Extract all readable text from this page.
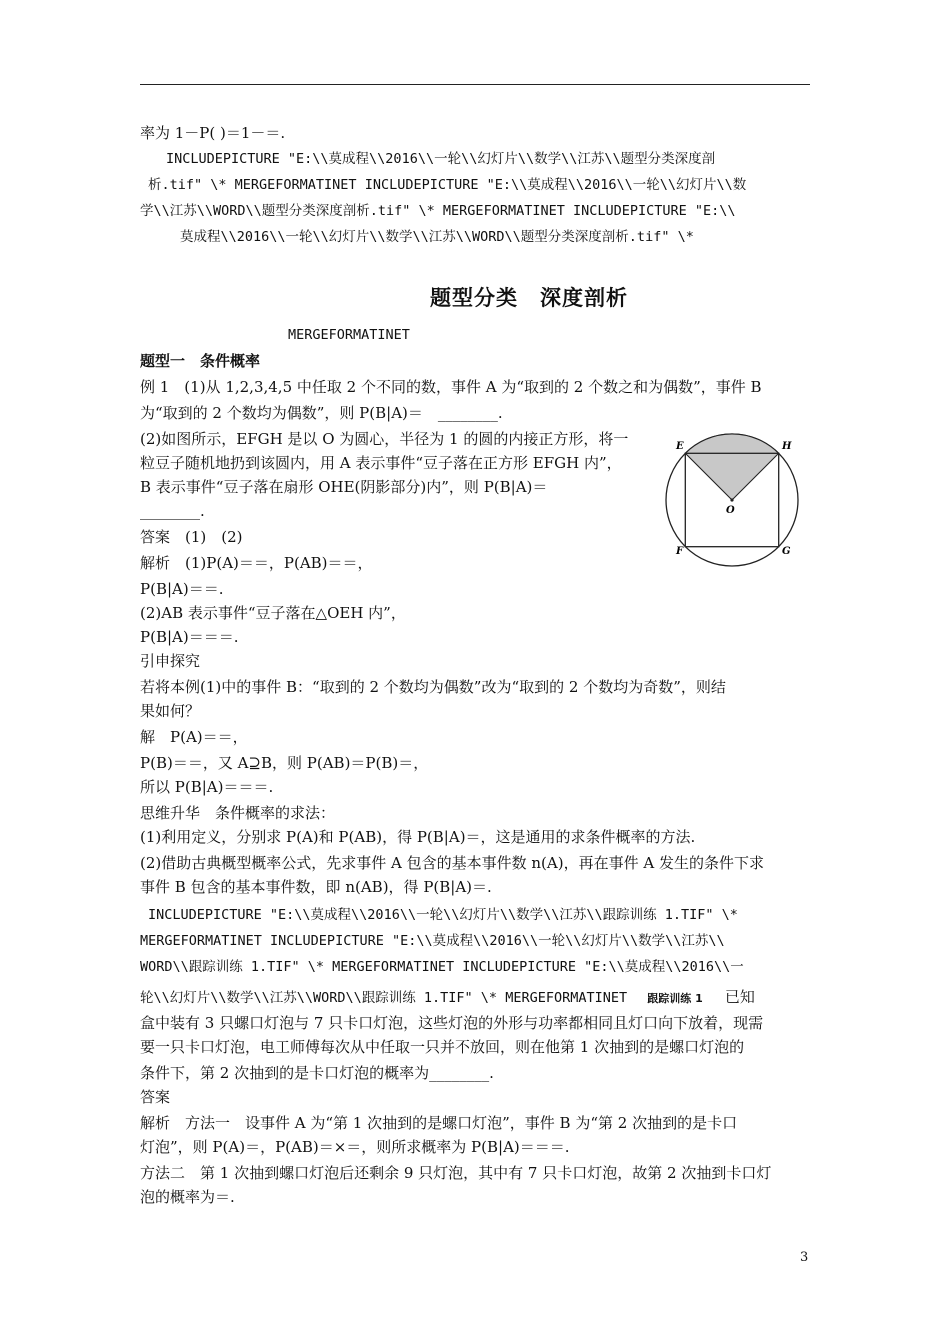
率为 1－P( )＝1－＝.
INCLUDEPICTURE "E:\\莫成程\\2016\\一轮\\幻灯片\\数学\\江苏\\题型分类深度剖
析.tif" \* MERGEFORMATINET INCLUDEPICTURE "E:\\莫成程\\2016\\一轮\\幻灯片\\数
学\\江苏\\WORD\\题型分类深度剖析.tif" \* MERGEFORMATINET INCLUDEPICTURE "E:\\
莫成程\\2016\\一轮\\幻灯片\\数学\\江苏\\WORD\\题型分类深度剖析.tif" \*
题型分类　深度剖析
MERGEFORMATINET
题型一　条件概率
例 1　(1)从 1,2,3,4,5 中任取 2 个不同的数，事件 A 为“取到的 2 个数之和为偶数”，事件 B
为“取到的 2 个数均为偶数”，则 P(B|A)＝　________.
(2)如图所示，EFGH 是以 O 为圆心，半径为 1 的圆的内接正方形，将一
粒豆子随机地扔到该圆内，用 A 表示事件“豆子落在正方形 EFGH 内”，
B 表示事件“豆子落在扇形 OHE(阴影部分)内”，则 P(B|A)＝
________.
E	H
F	G
O
答案　(1)　(2)
解析　(1)P(A)＝＝，P(AB)＝＝，
P(B|A)＝＝.
(2)AB 表示事件“豆子落在△OEH 内”，
P(B|A)＝＝＝.
引申探究
若将本例(1)中的事件 B：“取到的 2 个数均为偶数”改为“取到的 2 个数均为奇数”，则结
果如何？
解　P(A)＝＝，
P(B)＝＝，又 A⊇B，则 P(AB)＝P(B)＝，
所以 P(B|A)＝＝＝.
思维升华　条件概率的求法：
(1)利用定义，分别求 P(A)和 P(AB)，得 P(B|A)＝，这是通用的求条件概率的方法.
(2)借助古典概型概率公式，先求事件 A 包含的基本事件数 n(A)，再在事件 A 发生的条件下求
事件 B 包含的基本事件数，即 n(AB)，得 P(B|A)＝.
INCLUDEPICTURE "E:\\莫成程\\2016\\一轮\\幻灯片\\数学\\江苏\\跟踪训练 1.TIF" \*
MERGEFORMATINET INCLUDEPICTURE "E:\\莫成程\\2016\\一轮\\幻灯片\\数学\\江苏\\
WORD\\跟踪训练 1.TIF" \* MERGEFORMATINET INCLUDEPICTURE "E:\\莫成程\\2016\\一
轮\\幻灯片\\数学\\江苏\\WORD\\跟踪训练 1.TIF" \* MERGEFORMATINET 跟踪训练 1 已知
盒中装有 3 只螺口灯泡与 7 只卡口灯泡，这些灯泡的外形与功率都相同且灯口向下放着，现需
要一只卡口灯泡，电工师傅每次从中任取一只并不放回，则在他第 1 次抽到的是螺口灯泡的
条件下，第 2 次抽到的是卡口灯泡的概率为________.
答案
解析　方法一　设事件 A 为“第 1 次抽到的是螺口灯泡”，事件 B 为“第 2 次抽到的是卡口
灯泡”，则 P(A)＝，P(AB)＝×＝，则所求概率为 P(B|A)＝＝＝.
方法二　第 1 次抽到螺口灯泡后还剩余 9 只灯泡，其中有 7 只卡口灯泡，故第 2 次抽到卡口灯
泡的概率为＝.
3
